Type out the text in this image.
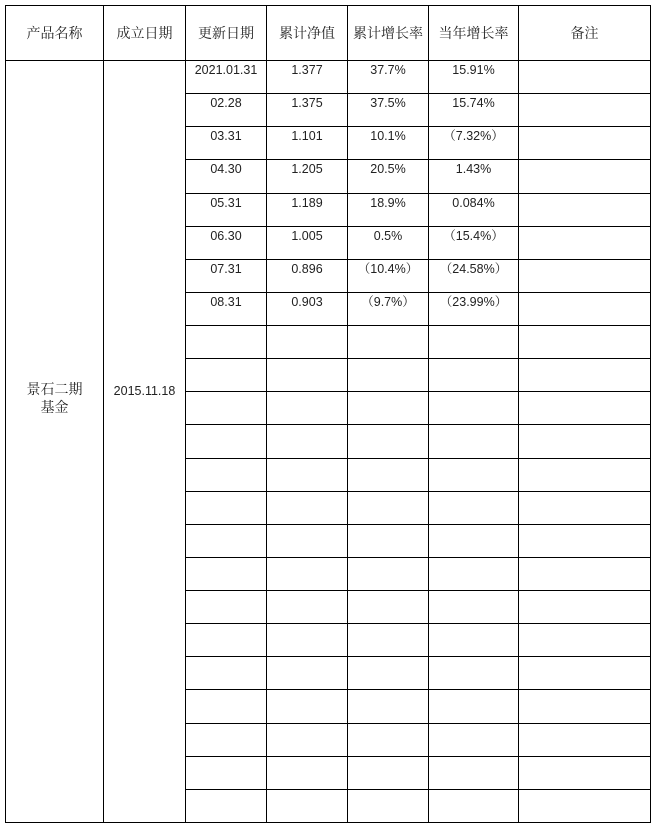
产品名称	成立日期	更新日期	累计净值	累计增长率	当年增长率	备注
景石二期基金
2015.11.18
2021.01.31	1.377	37.7%	15.91%
02.28	1.375	37.5%	15.74%
03.31	1.101	10.1%	（7.32%）
04.30	1.205	20.5%	1.43%
05.31	1.189	18.9%	0.084%
06.30	1.005	0.5%	（15.4%）
07.31	0.896	（10.4%）	（24.58%）
08.31	0.903	（9.7%）	（23.99%）
